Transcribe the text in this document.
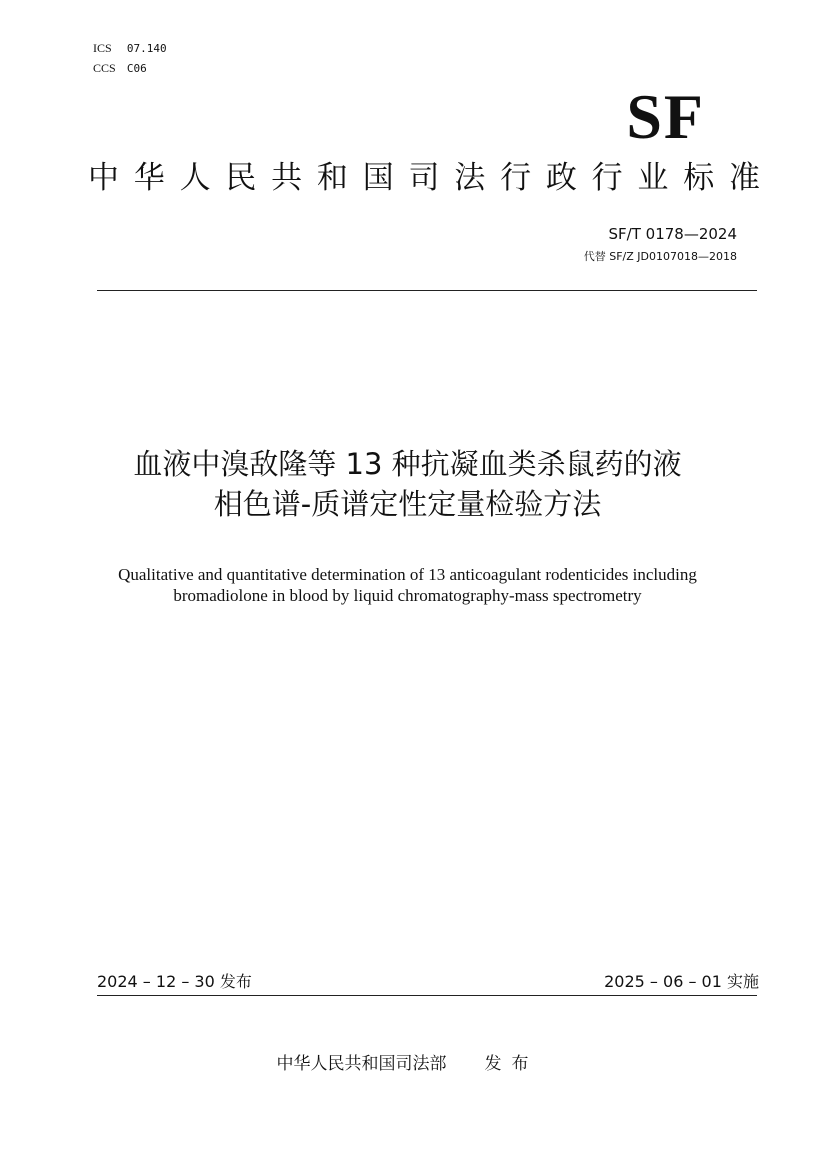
ICS 07.140
CCS C06
SF
中华人民共和国司法行政行业标准
SF/T 0178—2024
代替 SF/Z JD0107018—2018
血液中溴敌隆等 13 种抗凝血类杀鼠药的液
相色谱-质谱定性定量检验方法
Qualitative and quantitative determination of 13 anticoagulant rodenticides including
bromadiolone in blood by liquid chromatography-mass spectrometry
2024 – 12 – 30 发布	2025 – 06 – 01 实施
中华人民共和国司法部 发布
